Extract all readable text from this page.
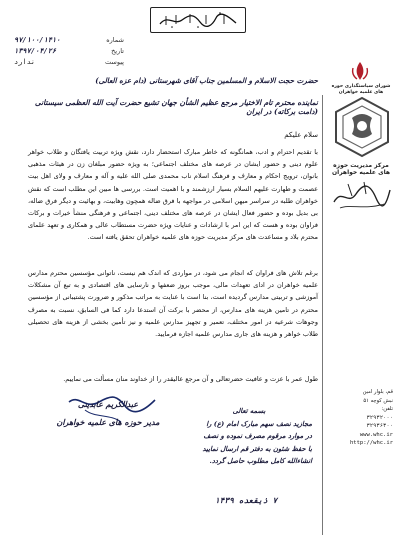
شماره
۹۷/۱۰۰/۱۴۱۰
تاریخ
۱۳۹۷/۰۴/۲۶
پیوست
ندارد
شورای سیاستگذاری حوزه های علمیه خواهران
مرکز مدیریت حوزه های علمیه خواهران
قم، بلوار امین
نبش کوچه ۵۱
تلفن:
۳۲۹۳۲۰۰۰
۳۲۹۳۶۳۰۰
www.whc.ir
http://whc.ir
حضرت حجت الاسلام و المسلمین جناب آقای شهرستانی (دام عزه العالی)
نماینده محترم تام الاختیار مرجع عظیم الشأن جهان تشیع حضرت آیت الله العظمی سیستانی (دامت برکاته) در ایران
سلام علیکم
با تقدیم احترام و ادب، همانگونه که خاطر مبارک استحضار دارد، نقش ویژه تربیت یافتگان و طلاب خواهر علوم دینی و حضور ایشان در عرصه های مختلف اجتماعی؛ به ویژه حضور مبلغان زن در هیئات مذهبی بانوان، ترویج احکام و معارف و فرهنگ اسلام ناب محمدی صلی الله علیه و آله و معارف و ولای اهل بیت عصمت و طهارت علیهم السلام بسیار ارزشمند و با اهمیت است. بررسی ها مبین این مطلب است که نقش خواهران طلبه در سراسر میهن اسلامی در مواجهه با فرق ضاله همچون وهابیت، و بهائیت و دیگر فرق ضاله، بی بدیل بوده و حضور فعال ایشان در عرصه های مختلف دینی، اجتماعی و فرهنگی منشأ خیرات و برکات فراوان بوده و هست که این امر با ارشادات و عنایات ویژه حضرت مستطاب عالی و همکاری و تعهد علمای محترم بلاد و مساعدت های مرکز مدیریت حوزه های علمیه خواهران تحقق یافته است.
برغم تلاش های فراوان که انجام می شود، در مواردی که اندک هم نیست، ناتوانی مؤسسین محترم مدارس علمیه خواهران در ادای تعهدات مالی، موجب بروز ضعفها و نارسایی های اقتصادی و به تبع آن مشکلات آموزشی و تربیتی مدارس گردیده است، بنا است با عنایت به مراتب مذکور و ضرورت پشتیبانی از مؤسسین محترم در تامین هزینه های مدارس، از محضر با برکت آن استدعا دارد کما فی السابق، نسبت به مصرف وجوهات شرعیه در امور مختلف، تعمیر و تجهیز مدارس علمیه و نیز تأمین بخشی از هزینه های تحصیلی طلاب خواهر و هزینه های جاری مدارس علمیه اجازه فرمایید.
طول عمر با عزت و عافیت حضرتعالی و آن مرجع عالیقدر را از خداوند منان مسألت می نماییم.
عبدالکریم عابدینی
مدیر حوزه های علمیه خواهران
بسمه تعالی
مجازید نصف سهم مبارک امام (ع) را
در موارد مرقوم مصرف نموده و نصف
با حفظ شئون به دفتر قم ارسال نمایید
انشاءالله کامل مطلوب حاصل گردد.
۷ ذیقعده ۱۴۳۹
